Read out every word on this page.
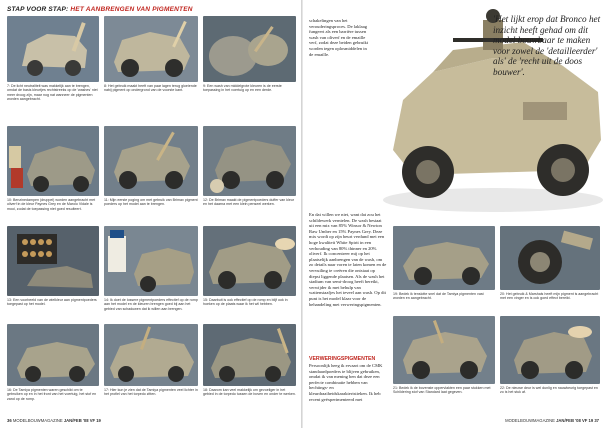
STAP VOOR STAP: HET AANBRENGEN VAN PIGMENTEN
7: De licht neutraliteit was makkelijk aan te brengen, omdat de basis kleurtjes rechtstreeks op de 'washes' niet meer droog zijn, maar nog nat wanneer de pigmenten worden aangebracht.
8: Het gebruik maakt heeft van paar lagen terug gloeiende nabij pigment op ondergrond van de voorste kant.
9: Een wash van middelgrote kleuren is de eerste toepassing in het voertuig op en een derde.
10: Benzinedampen (druppel) worden aangebracht met oliverf in de kleur Paynes Grey en de Marolo Vidale is mooi, zodat de toepassing niet goed resulteert.
11: Mijn eerste poging om met gebruik van Brimax pigment poeders op het model aan te brengen.
12: De Brimax maakt de pigmentpoeders duffer van kleur en het daarna met een klein penseel werken.
13: Een voorbeeld van de wielkleur aan pigmentpoeders toegepast op het model.
14: Ik doet de lossere pigmentpoeders effectief op de romp aan het model en de kleuren brengen goed bij aan het gebied van schaduwen dat ik willen aan brengen.
15: Daarbuit is ook effectief op de romp en blijf ook in hoeken op de plaats waar ik het wil hebben.
16: De Tamiya pigmenten waren geschikt om te gebruiken op en in het front van het voertuig, het stof en zand op de romp.
17: Hier kun je zien dat de Tamiya pigmenten veel lichter in het profiel van het torpedo zitten.
18: Daarom kan veel makkelijk om gevoeliger in het gebied in de torpedo tussen de boven en onder te werken.
36 MODELBOUWMAGAZINE JAN/FEB '08 VF 19
'Het lijkt erop dat Bronco het inzicht heeft gehad om dit model bouwbaar te maken voor zowel de 'detailleerder' als' de 'recht uit de doos bouwer'.
schakelingen van het verouderingsproces. De laklaag fungeert als een barrière tussen wash van oliverf en de emaille verf, zodat deze beiden gebruikt worden tegen oplosmiddelen in de emaille.
En dat willen we niet, want dat zou het schildewerk vernielen. De wash bestaat uit een mix van 85% Winsor & Newton Raw Umber en 15% Paynes Grey. Deze mix wordt op zijn beurt verdund met een hoge kwaliteit White Spirit in een verhouding van 80% thinner en 20% oliverf. Ik concentreer mij op het plaatselijk aanbrengen van de wash, om zo details naar voren te laten komen en de vervuiling te creëren die ontstaat op diepst liggende plaatsen. Als de wash het stadium van semi-droog heeft bereikt, verwijder ik met behulp van wattenstaafjes het teveel aan wash. Op dit punt is het model klaar voor de behandeling met verweringspigmenten.
VERWERINGSPIGMENTEN
Persoonlijk heeg ik ervaart om de CMK standaardpoeders te blijven gebruiken, omdat ik van mening ben dat deze een perfecte combinatie hebben van hechtings- en kleurdraaiheidskarakteristieken. Ik heb recent geëxperimenteerd met
19: Bedek ik tenslotte snel dat de Tamiya pigmenten vast worden en aangebracht.
20: Het gebruik & Marshals heeft mijn pigment is aangebracht met een vinger en is ook goed effect bereikt.
21: Bedek ik de bovenste oppervlakten een paar stukken met Schildering stof van Standard laat gegeven.
22: De nieuwe deur is wel dunlig en nauwkeurig toegepast en zo is het stuk af.
MODELBOUWMAGAZINE JAN/FEB '08 VF 19 37
